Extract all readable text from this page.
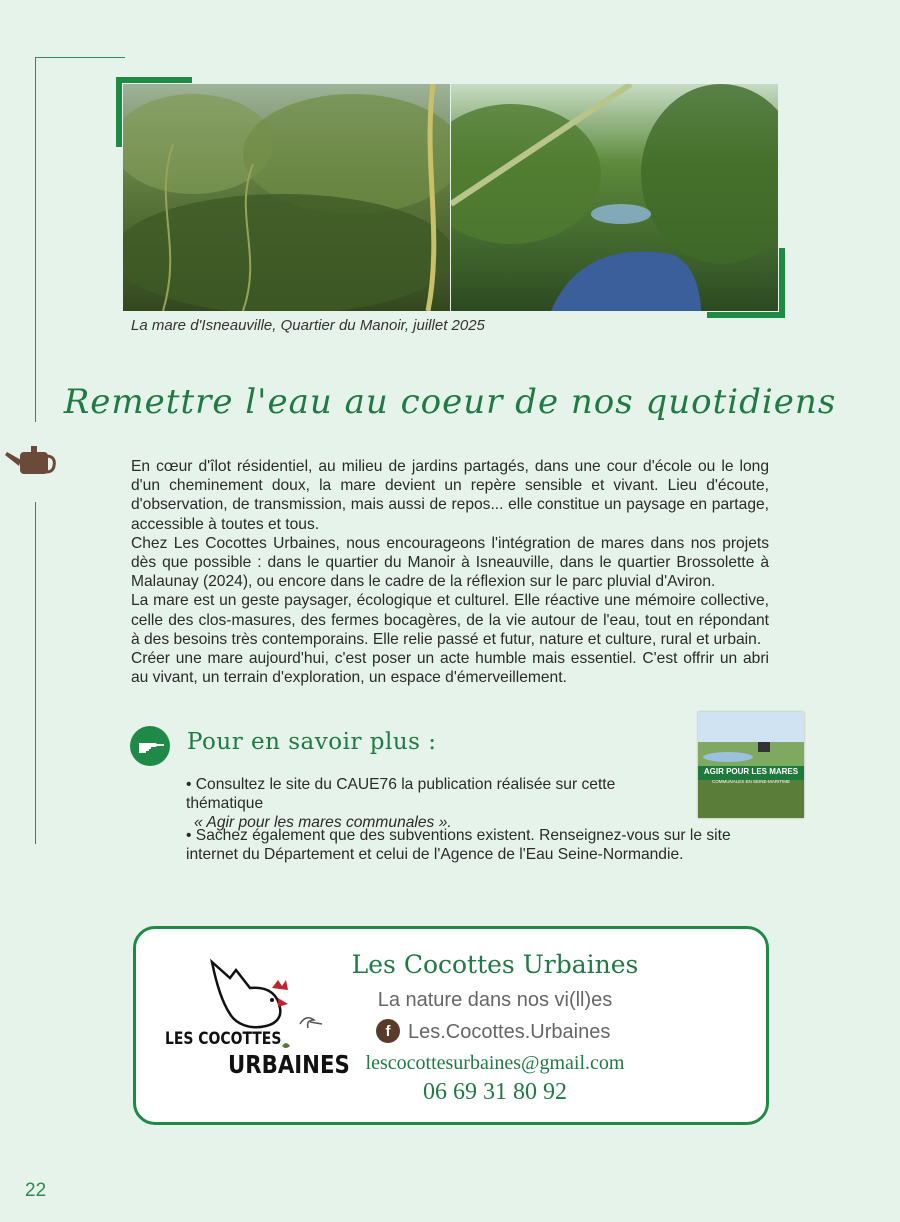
La mare d'Isneauville, Quartier du Manoir, juillet 2025
Remettre l'eau au coeur de nos quotidiens

En cœur d'îlot résidentiel, au milieu de jardins partagés, dans une cour d'école ou le long d'un cheminement doux, la mare devient un repère sensible et vivant. Lieu d'écoute, d'observation, de transmission, mais aussi de repos... elle constitue un paysage en partage, accessible à toutes et tous.

Chez Les Cocottes Urbaines, nous encourageons l'intégration de mares dans nos projets dès que possible : dans le quartier du Manoir à Isneauville, dans le quartier Brossolette à Malaunay (2024), ou encore dans le cadre de la réflexion sur le parc pluvial d'Aviron.

La mare est un geste paysager, écologique et culturel. Elle réactive une mémoire collective, celle des clos-masures, des fermes bocagères, de la vie autour de l'eau, tout en répondant à des besoins très contemporains. Elle relie passé et futur, nature et culture, rural et urbain.

Créer une mare aujourd'hui, c'est poser un acte humble mais essentiel. C'est offrir un abri au vivant, un terrain d'exploration, un espace d'émerveillement.

Pour en savoir plus :
• Consultez le site du CAUE76 la publication réalisée sur cette thématique
« Agir pour les mares communales ».
• Sachez également que des subventions existent. Renseignez-vous sur le site internet du Département et celui de l'Agence de l'Eau Seine-Normandie.
AGIR POUR LES MARES
COMMUNALES EN SEINE-MARITIME
LES COCOTTES
URBAINES
Les Cocottes Urbaines
La nature dans nos vi(ll)es
f Les.Cocottes.Urbaines
lescocottesurbaines@gmail.com
06 69 31 80 92
22
